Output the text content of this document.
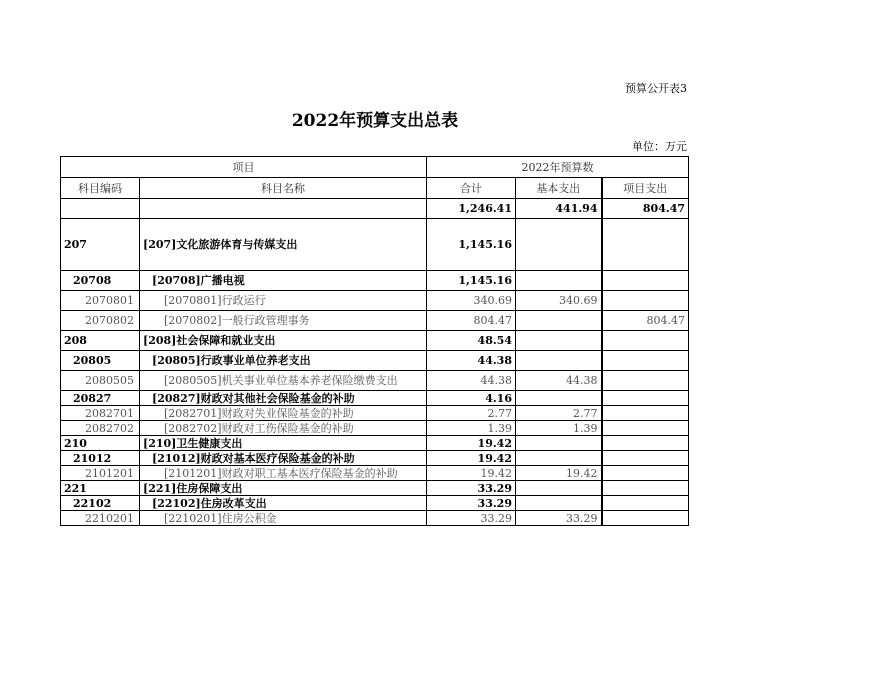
预算公开表3
2022年预算支出总表
单位：万元
项目		2022年预算数		
科目编码	科目名称	合计	基本支出	项目支出
		1,246.41	441.94	804.47
207	[207]文化旅游体育与传媒支出	1,145.16		
20708	[20708]广播电视	1,145.16		
2070801	[2070801]行政运行	340.69	340.69	
2070802	[2070802]一般行政管理事务	804.47		804.47
208	[208]社会保障和就业支出	48.54		
20805	[20805]行政事业单位养老支出	44.38		
2080505	[2080505]机关事业单位基本养老保险缴费支出	44.38	44.38	
20827	[20827]财政对其他社会保险基金的补助	4.16		
2082701	[2082701]财政对失业保险基金的补助	2.77	2.77	
2082702	[2082702]财政对工伤保险基金的补助	1.39	1.39	
210	[210]卫生健康支出	19.42		
21012	[21012]财政对基本医疗保险基金的补助	19.42		
2101201	[2101201]财政对职工基本医疗保险基金的补助	19.42	19.42	
221	[221]住房保障支出	33.29		
22102	[22102]住房改革支出	33.29		
2210201	[2210201]住房公积金	33.29	33.29	
